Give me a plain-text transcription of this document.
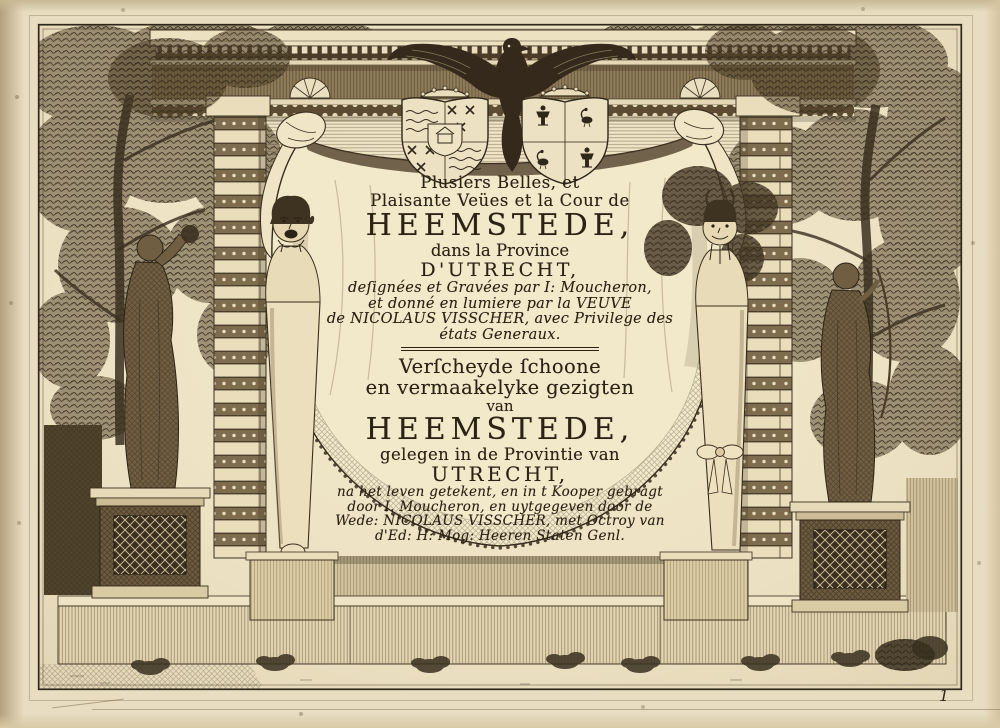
Plusiers Belles, et
Plaisante Veües et la Cour de
HEEMSTEDE,
dans la Province
D'UTRECHT,
deſignées et Gravées par I: Moucheron,
et donné en lumiere par la VEUVE
de NICOLAUS VISSCHER, avec Privilege des
états Generaux.
Verſcheyde ſchoone
en vermaakelyke gezigten
van
HEEMSTEDE,
gelegen in de Provintie van
UTRECHT,
na het leven getekent, en in t Kooper gebragt
door I. Moucheron, en uytgegeven door de
Wede: NICOLAUS VISSCHER, met Octroy van
d'Ed: H: Mog: Heeren Staten Genl.
1
